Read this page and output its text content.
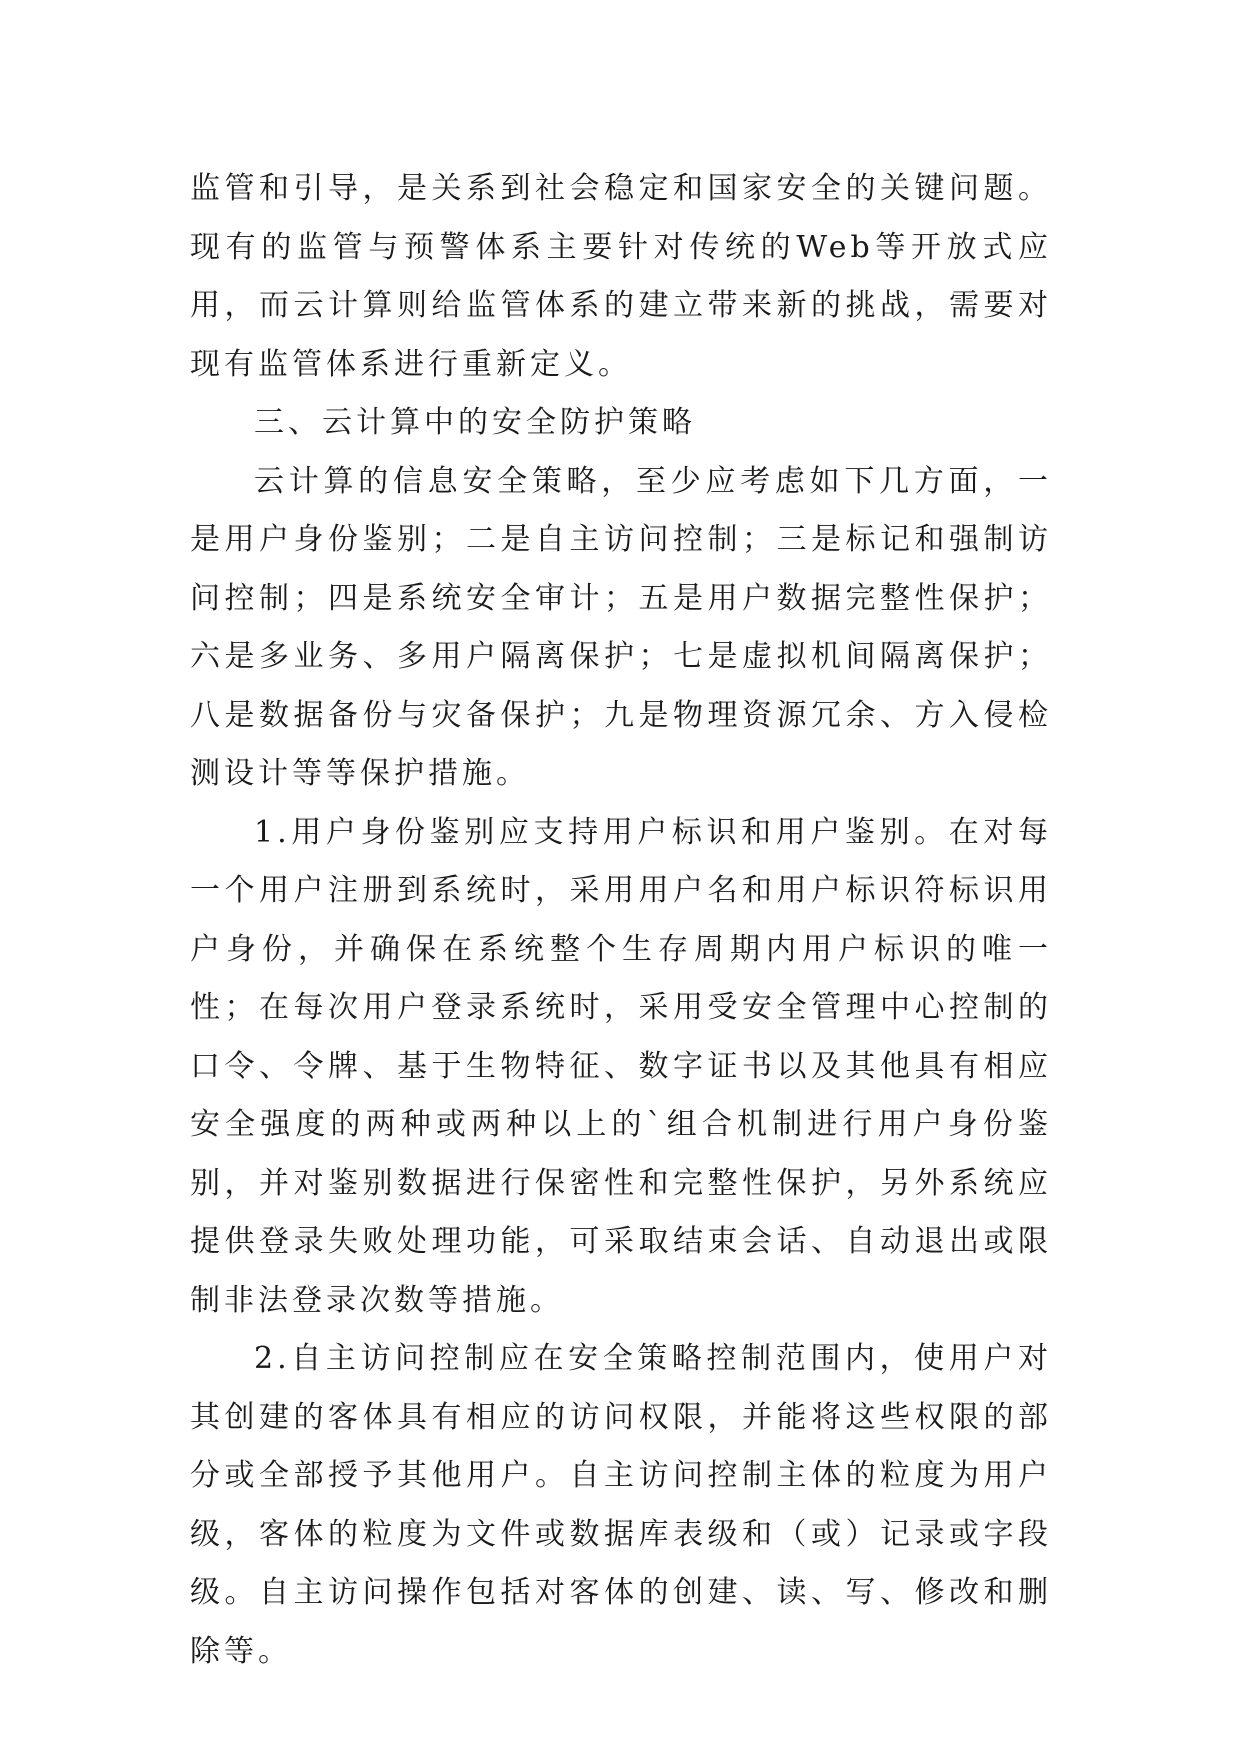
监管和引导，是关系到社会稳定和国家安全的关键问题。现有的监管与预警体系主要针对传统的Web等开放式应用，而云计算则给监管体系的建立带来新的挑战，需要对现有监管体系进行重新定义。

三、云计算中的安全防护策略

云计算的信息安全策略，至少应考虑如下几方面，一是用户身份鉴别；二是自主访问控制；三是标记和强制访问控制；四是系统安全审计；五是用户数据完整性保护；六是多业务、多用户隔离保护；七是虚拟机间隔离保护；八是数据备份与灾备保护；九是物理资源冗余、方入侵检测设计等等保护措施。

1.用户身份鉴别应支持用户标识和用户鉴别。在对每一个用户注册到系统时，采用用户名和用户标识符标识用户身份，并确保在系统整个生存周期内用户标识的唯一性；在每次用户登录系统时，采用受安全管理中心控制的口令、令牌、基于生物特征、数字证书以及其他具有相应安全强度的两种或两种以上的`组合机制进行用户身份鉴别，并对鉴别数据进行保密性和完整性保护，另外系统应提供登录失败处理功能，可采取结束会话、自动退出或限制非法登录次数等措施。

2.自主访问控制应在安全策略控制范围内，使用户对其创建的客体具有相应的访问权限，并能将这些权限的部分或全部授予其他用户。自主访问控制主体的粒度为用户级，客体的粒度为文件或数据库表级和（或）记录或字段级。自主访问操作包括对客体的创建、读、写、修改和删除等。
